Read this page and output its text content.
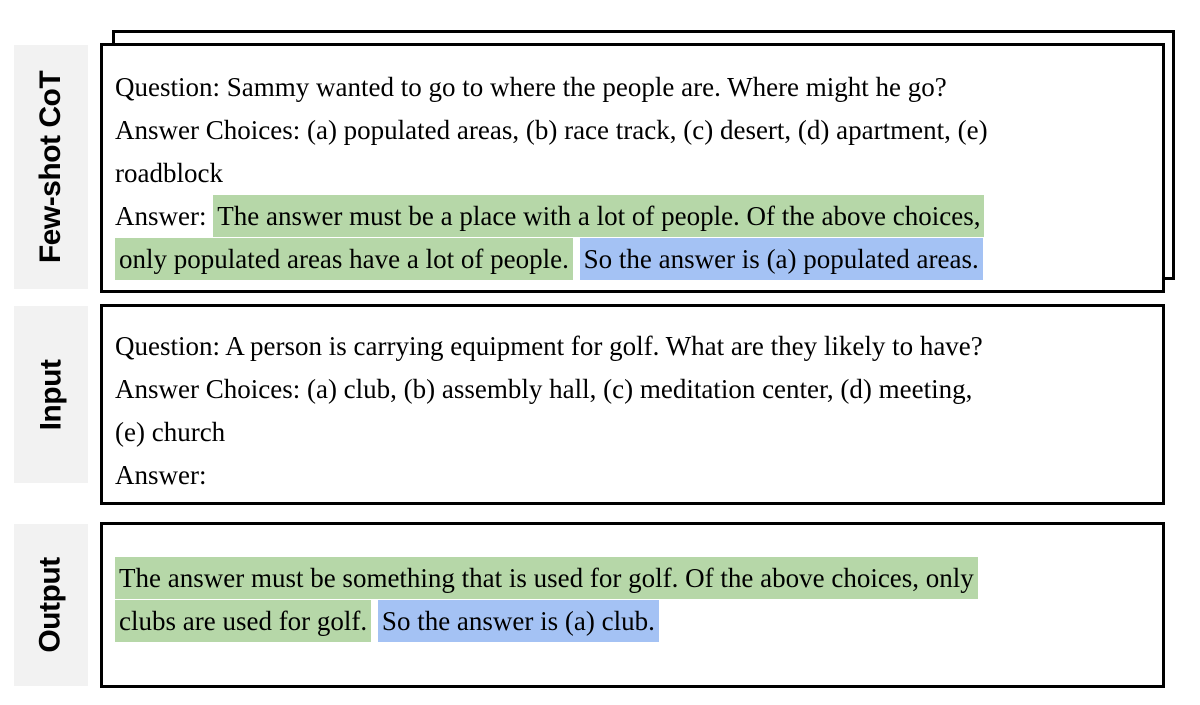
Few-shot CoT Question: Sammy wanted to go to where the people are. Where might he go?
Answer Choices: (a) populated areas, (b) race track, (c) desert, (d) apartment, (e)
roadblock
Answer: The answer must be a place with a lot of people. Of the above choices,
only populated areas have a lot of people. So the answer is (a) populated areas.
Input
Question: A person is carrying equipment for golf. What are they likely to have?
Answer Choices: (a) club, (b) assembly hall, (c) meditation center, (d) meeting,
(e) church
Answer:
Output The answer must be something that is used for golf. Of the above choices, only
clubs are used for golf. So the answer is (a) club.
